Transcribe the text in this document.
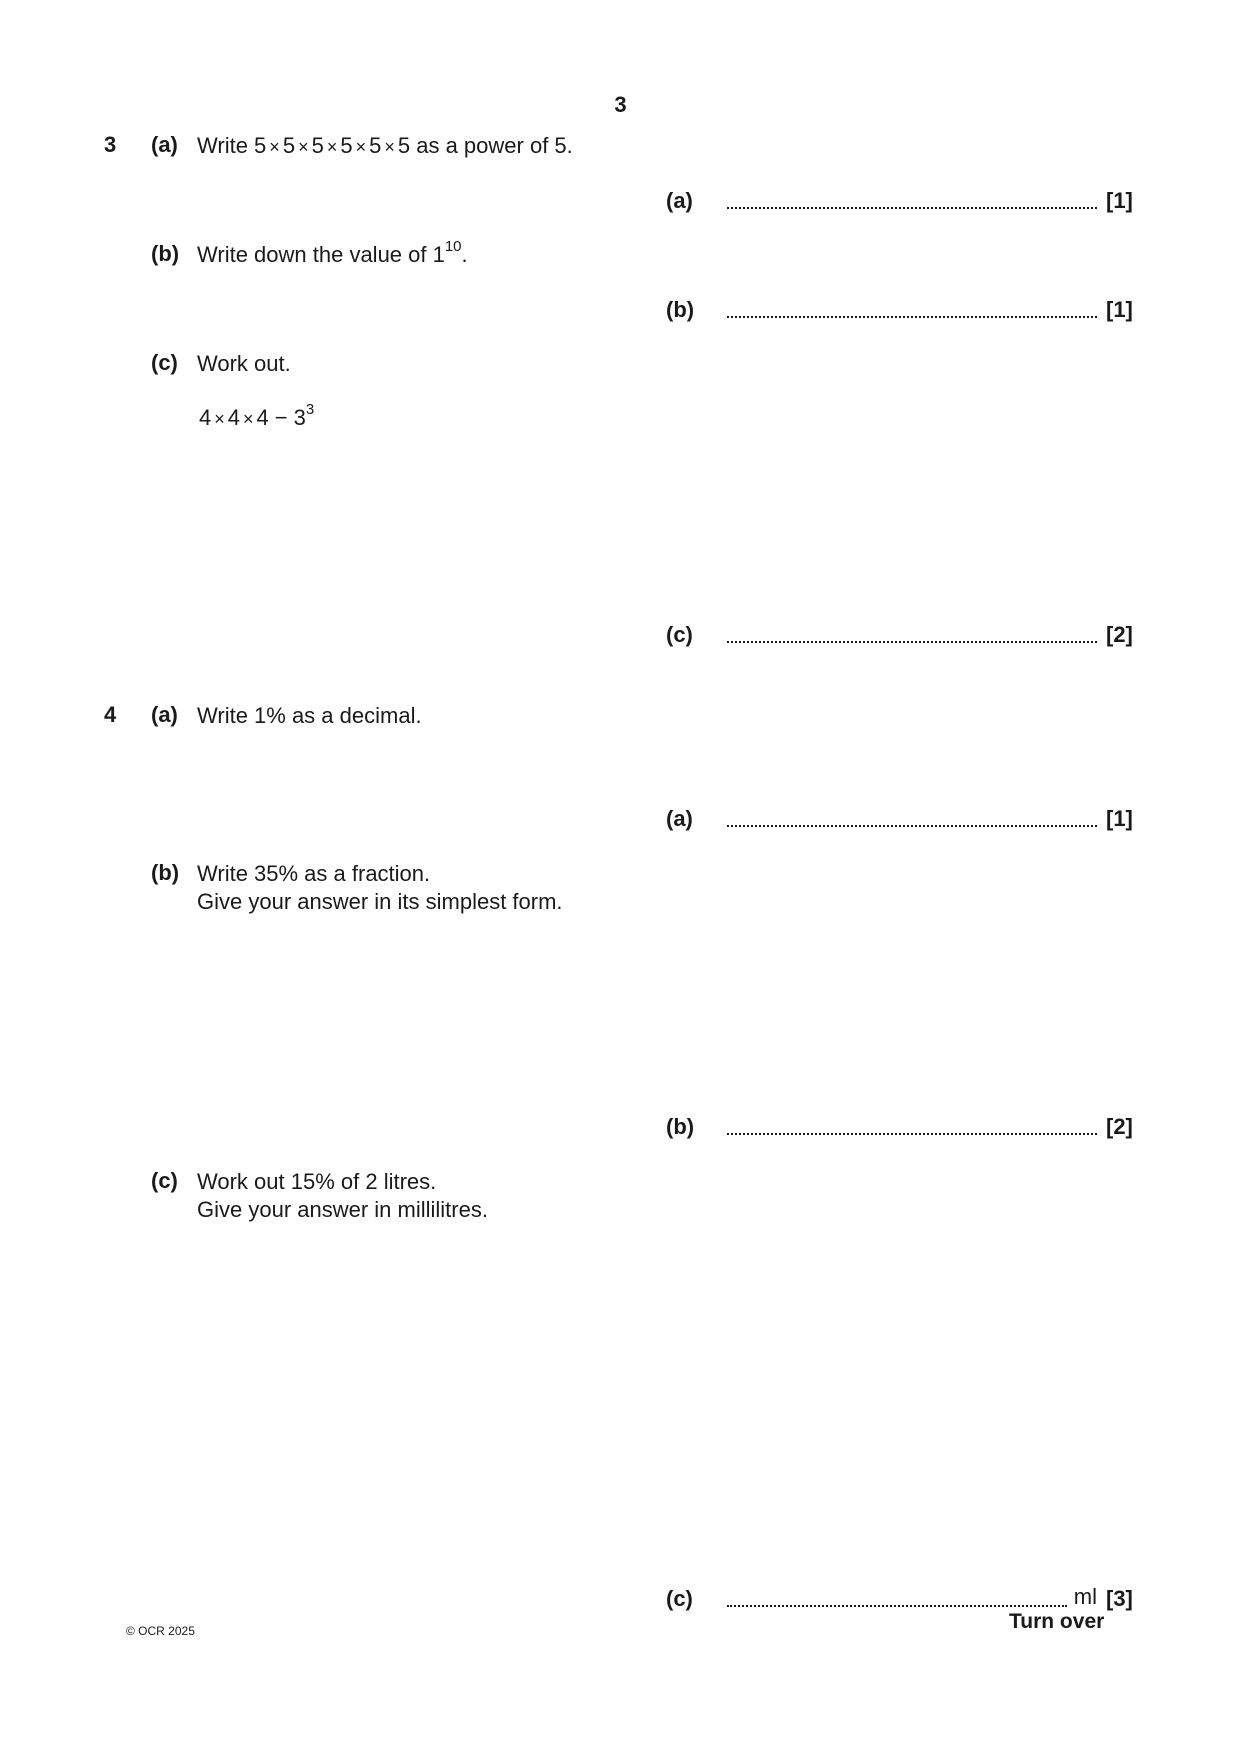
3
3 (a) Write 5 × 5 × 5 × 5 × 5 × 5 as a power of 5.
(a)	[1]
(b) Write down the value of $1^{10}$.
(b)	[1]
(c) Work out.
$4 \times 4 \times 4 - 3^3$
(c)	[2]
4 (a) Write 1% as a decimal.
(a)	[1]
(b) Write 35% as a fraction.
Give your answer in its simplest form.
(b)	[2]
(c) Work out 15% of 2 litres.
Give your answer in millilitres.
(c)	ml [3]
© OCR 2025	Turn over
